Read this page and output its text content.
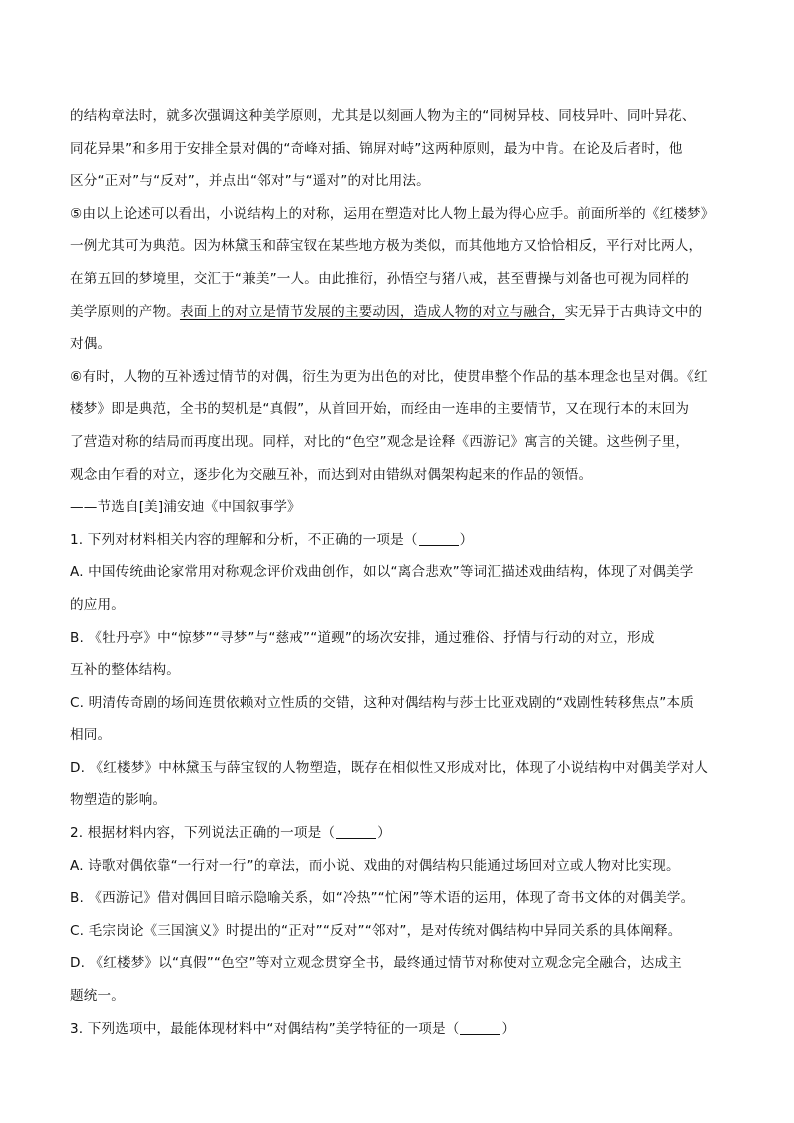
的结构章法时，就多次强调这种美学原则，尤其是以刻画人物为主的“同树异枝、同枝异叶、同叶异花、
同花异果”和多用于安排全景对偶的“奇峰对插、锦屏对峙”这两种原则，最为中肯。在论及后者时，他
区分“正对”与“反对”，并点出“邻对”与“遥对”的对比用法。
⑤由以上论述可以看出，小说结构上的对称，运用在塑造对比人物上最为得心应手。前面所举的《红楼梦》
一例尤其可为典范。因为林黛玉和薛宝钗在某些地方极为类似，而其他地方又恰恰相反，平行对比两人，
在第五回的梦境里，交汇于“兼美”一人。由此推衍，孙悟空与猪八戒，甚至曹操与刘备也可视为同样的
美学原则的产物。表面上的对立是情节发展的主要动因，造成人物的对立与融合，实无异于古典诗文中的
对偶。
⑥有时，人物的互补透过情节的对偶，衍生为更为出色的对比，使贯串整个作品的基本理念也呈对偶。《红
楼梦》即是典范，全书的契机是“真假”，从首回开始，而经由一连串的主要情节，又在现行本的末回为
了营造对称的结局而再度出现。同样，对比的“色空”观念是诠释《西游记》寓言的关键。这些例子里，
观念由乍看的对立，逐步化为交融互补，而达到对由错纵对偶架构起来的作品的领悟。
——节选自[美]浦安迪《中国叙事学》
1. 下列对材料相关内容的理解和分析，不正确的一项是（	）
A. 中国传统曲论家常用对称观念评价戏曲创作，如以“离合悲欢”等词汇描述戏曲结构，体现了对偶美学
的应用。
B. 《牡丹亭》中“惊梦”“寻梦”与“慈戒”“道觋”的场次安排，通过雅俗、抒情与行动的对立，形成
互补的整体结构。
C. 明清传奇剧的场间连贯依赖对立性质的交错，这种对偶结构与莎士比亚戏剧的“戏剧性转移焦点”本质
相同。
D. 《红楼梦》中林黛玉与薛宝钗的人物塑造，既存在相似性又形成对比，体现了小说结构中对偶美学对人
物塑造的影响。
2. 根据材料内容，下列说法正确的一项是（	）
A. 诗歌对偶依靠“一行对一行”的章法，而小说、戏曲的对偶结构只能通过场回对立或人物对比实现。
B. 《西游记》借对偶回目暗示隐喻关系，如“冷热”“忙闲”等术语的运用，体现了奇书文体的对偶美学。
C. 毛宗岗论《三国演义》时提出的“正对”“反对”“邻对”，是对传统对偶结构中异同关系的具体阐释。
D. 《红楼梦》以“真假”“色空”等对立观念贯穿全书，最终通过情节对称使对立观念完全融合，达成主
题统一。
3. 下列选项中，最能体现材料中“对偶结构”美学特征的一项是（	）
